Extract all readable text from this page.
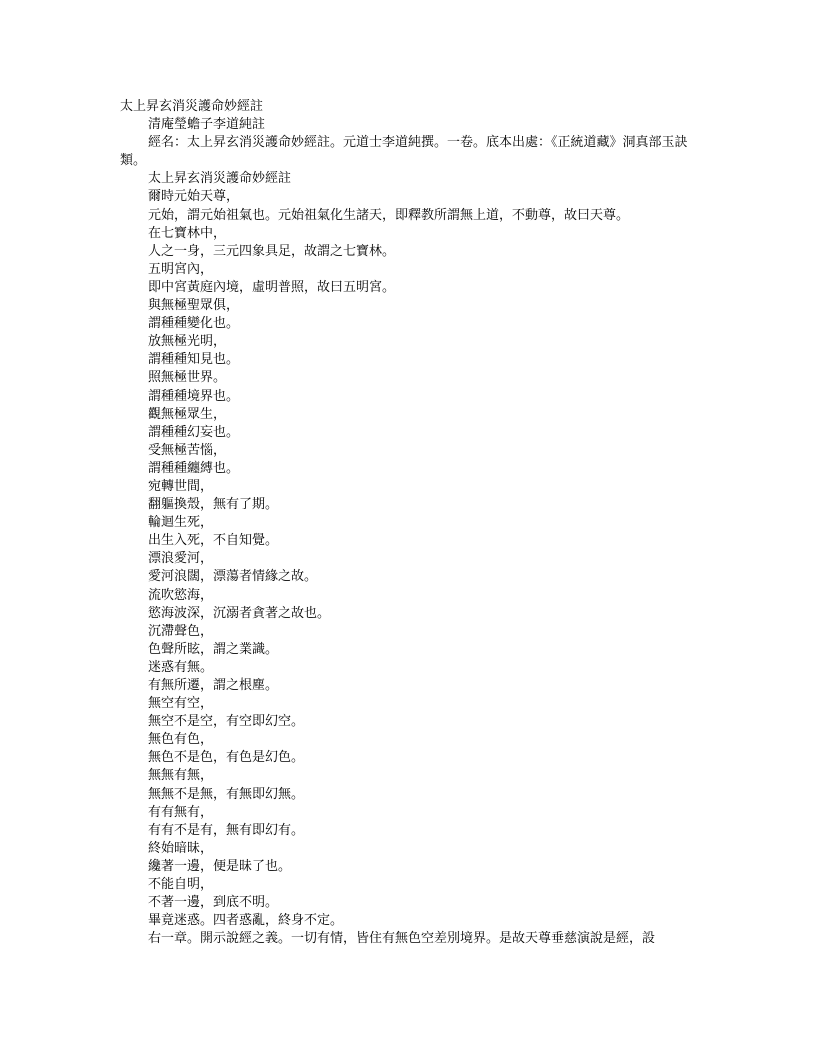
太上昇玄消災護命妙經註

清庵瑩蟾子李道純註

經名：太上昇玄消災護命妙經註。元道士李道純撰。一卷。底本出處：《正統道藏》洞真部玉訣類。

太上昇玄消災護命妙經註

爾時元始天尊，

元始，謂元始祖氣也。元始祖氣化生諸天，即釋教所謂無上道，不動尊，故曰天尊。

在七寶林中，

人之一身，三元四象具足，故謂之七寶林。

五明宮內，

即中宮黃庭內境，虛明普照，故曰五明宮。

與無極聖眾俱，

謂種種變化也。

放無極光明，

謂種種知見也。

照無極世界。

謂種種境界也。

觀無極眾生，

謂種種幻妄也。

受無極苦惱，

謂種種纏縛也。

宛轉世間，

翻軀換殼，無有了期。

輪迴生死，

出生入死，不自知覺。

漂浪愛河，

愛河浪闊，漂蕩者情緣之故。

流吹慾海，

慾海波深，沉溺者貪著之故也。

沉滯聲色，

色聲所眩，謂之業識。

迷惑有無。

有無所遷，謂之根塵。

無空有空，

無空不是空，有空即幻空。

無色有色，

無色不是色，有色是幻色。

無無有無，

無無不是無，有無即幻無。

有有無有，

有有不是有，無有即幻有。

終始暗昧，

纔著一邊，便是昧了也。

不能自明，

不著一邊，到底不明。

畢竟迷惑。四者惑亂，終身不定。

右一章。開示說經之義。一切有情，皆住有無色空差別境界。是故天尊垂慈演說是經，設
